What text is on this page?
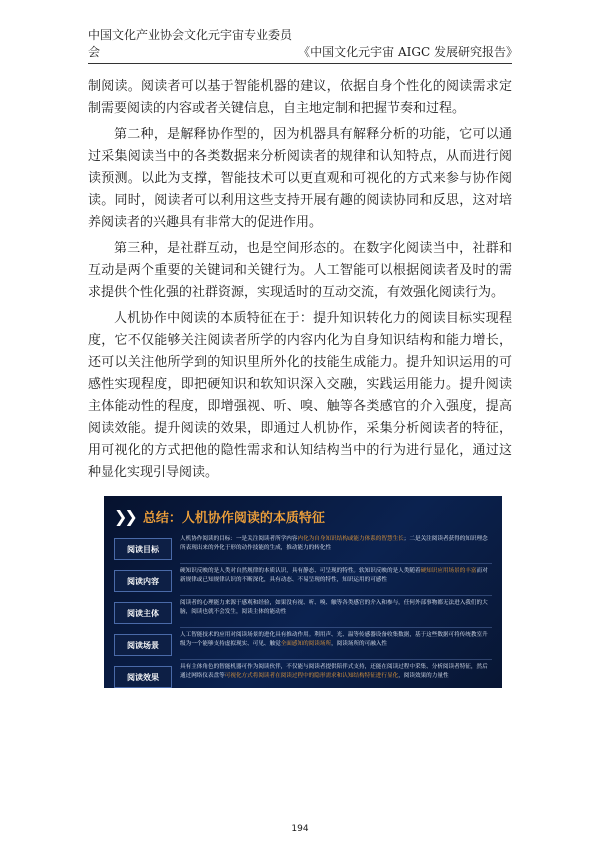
中国文化产业协会文化元宇宙专业委员会	《中国文化元宇宙 AIGC 发展研究报告》

制阅读。阅读者可以基于智能机器的建议，依据自身个性化的阅读需求定制需要阅读的内容或者关键信息，自主地定制和把握节奏和过程。

第二种，是解释协作型的，因为机器具有解释分析的功能，它可以通过采集阅读当中的各类数据来分析阅读者的规律和认知特点，从而进行阅读预测。以此为支撑，智能技术可以更直观和可视化的方式来参与协作阅读。同时，阅读者可以利用这些支持开展有趣的阅读协同和反思，这对培养阅读者的兴趣具有非常大的促进作用。

第三种，是社群互动，也是空间形态的。在数字化阅读当中，社群和互动是两个重要的关键词和关键行为。人工智能可以根据阅读者及时的需求提供个性化强的社群资源，实现适时的互动交流，有效强化阅读行为。

人机协作中阅读的本质特征在于：提升知识转化力的阅读目标实现程度，它不仅能够关注阅读者所学的内容内化为自身知识结构和能力增长，还可以关注他所学到的知识里所外化的技能生成能力。提升知识运用的可感性实现程度，即把硬知识和软知识深入交融，实践运用能力。提升阅读主体能动性的程度，即增强视、听、嗅、触等各类感官的介入强度，提高阅读效能。提升阅读的效果，即通过人机协作，采集分析阅读者的特征，用可视化的方式把他的隐性需求和认知结构当中的行为进行显化，通过这种显化实现引导阅读。

❯❯ 总结：人机协作阅读的本质特征
阅读目标
人机协作阅读的目标：一是关注阅读者所学内容内化为自身知识结构或能力体系的智慧生长；二是关注阅读者获得的知识理念所表现出来的外化于形的动作技能的生成，推动能力的转化性
阅读内容
硬知识反映的是人类对自然规律的本质认识，具有静态、可呈现的特性。软知识反映的是人类随着硬知识应用场景的丰富而对新规律或已知规律认识的不断深化，具有动态、不易呈现的特性，知识运用的可感性
阅读主体
阅读者的心理能力来源于感观和经验，如果没有视、听、嗅、触等各类感官的介入和参与，任何外部事物都无法进入我们的大脑，阅读也就不会发生，阅读主体的能动性
阅读场景
人工智能技术的应用对阅读场景的进化具有推动作用。利用声、光、温等传感器设备收集数据，基于这些数据可将传统教室升级为一个能够支持虚拟现实、可见、触觉全面感知的阅读场所，阅读场所的可融入性
阅读效果
具有主体角色的智能机器可作为阅读伙伴，不仅能与阅读者提供陪伴式支持，还能在阅读过程中采集、分析阅读者特征，然后通过网络仪表盘等可视化方式将阅读者在阅读过程中的隐形需求和认知结构特征进行显化，阅读效果的力量性
194
